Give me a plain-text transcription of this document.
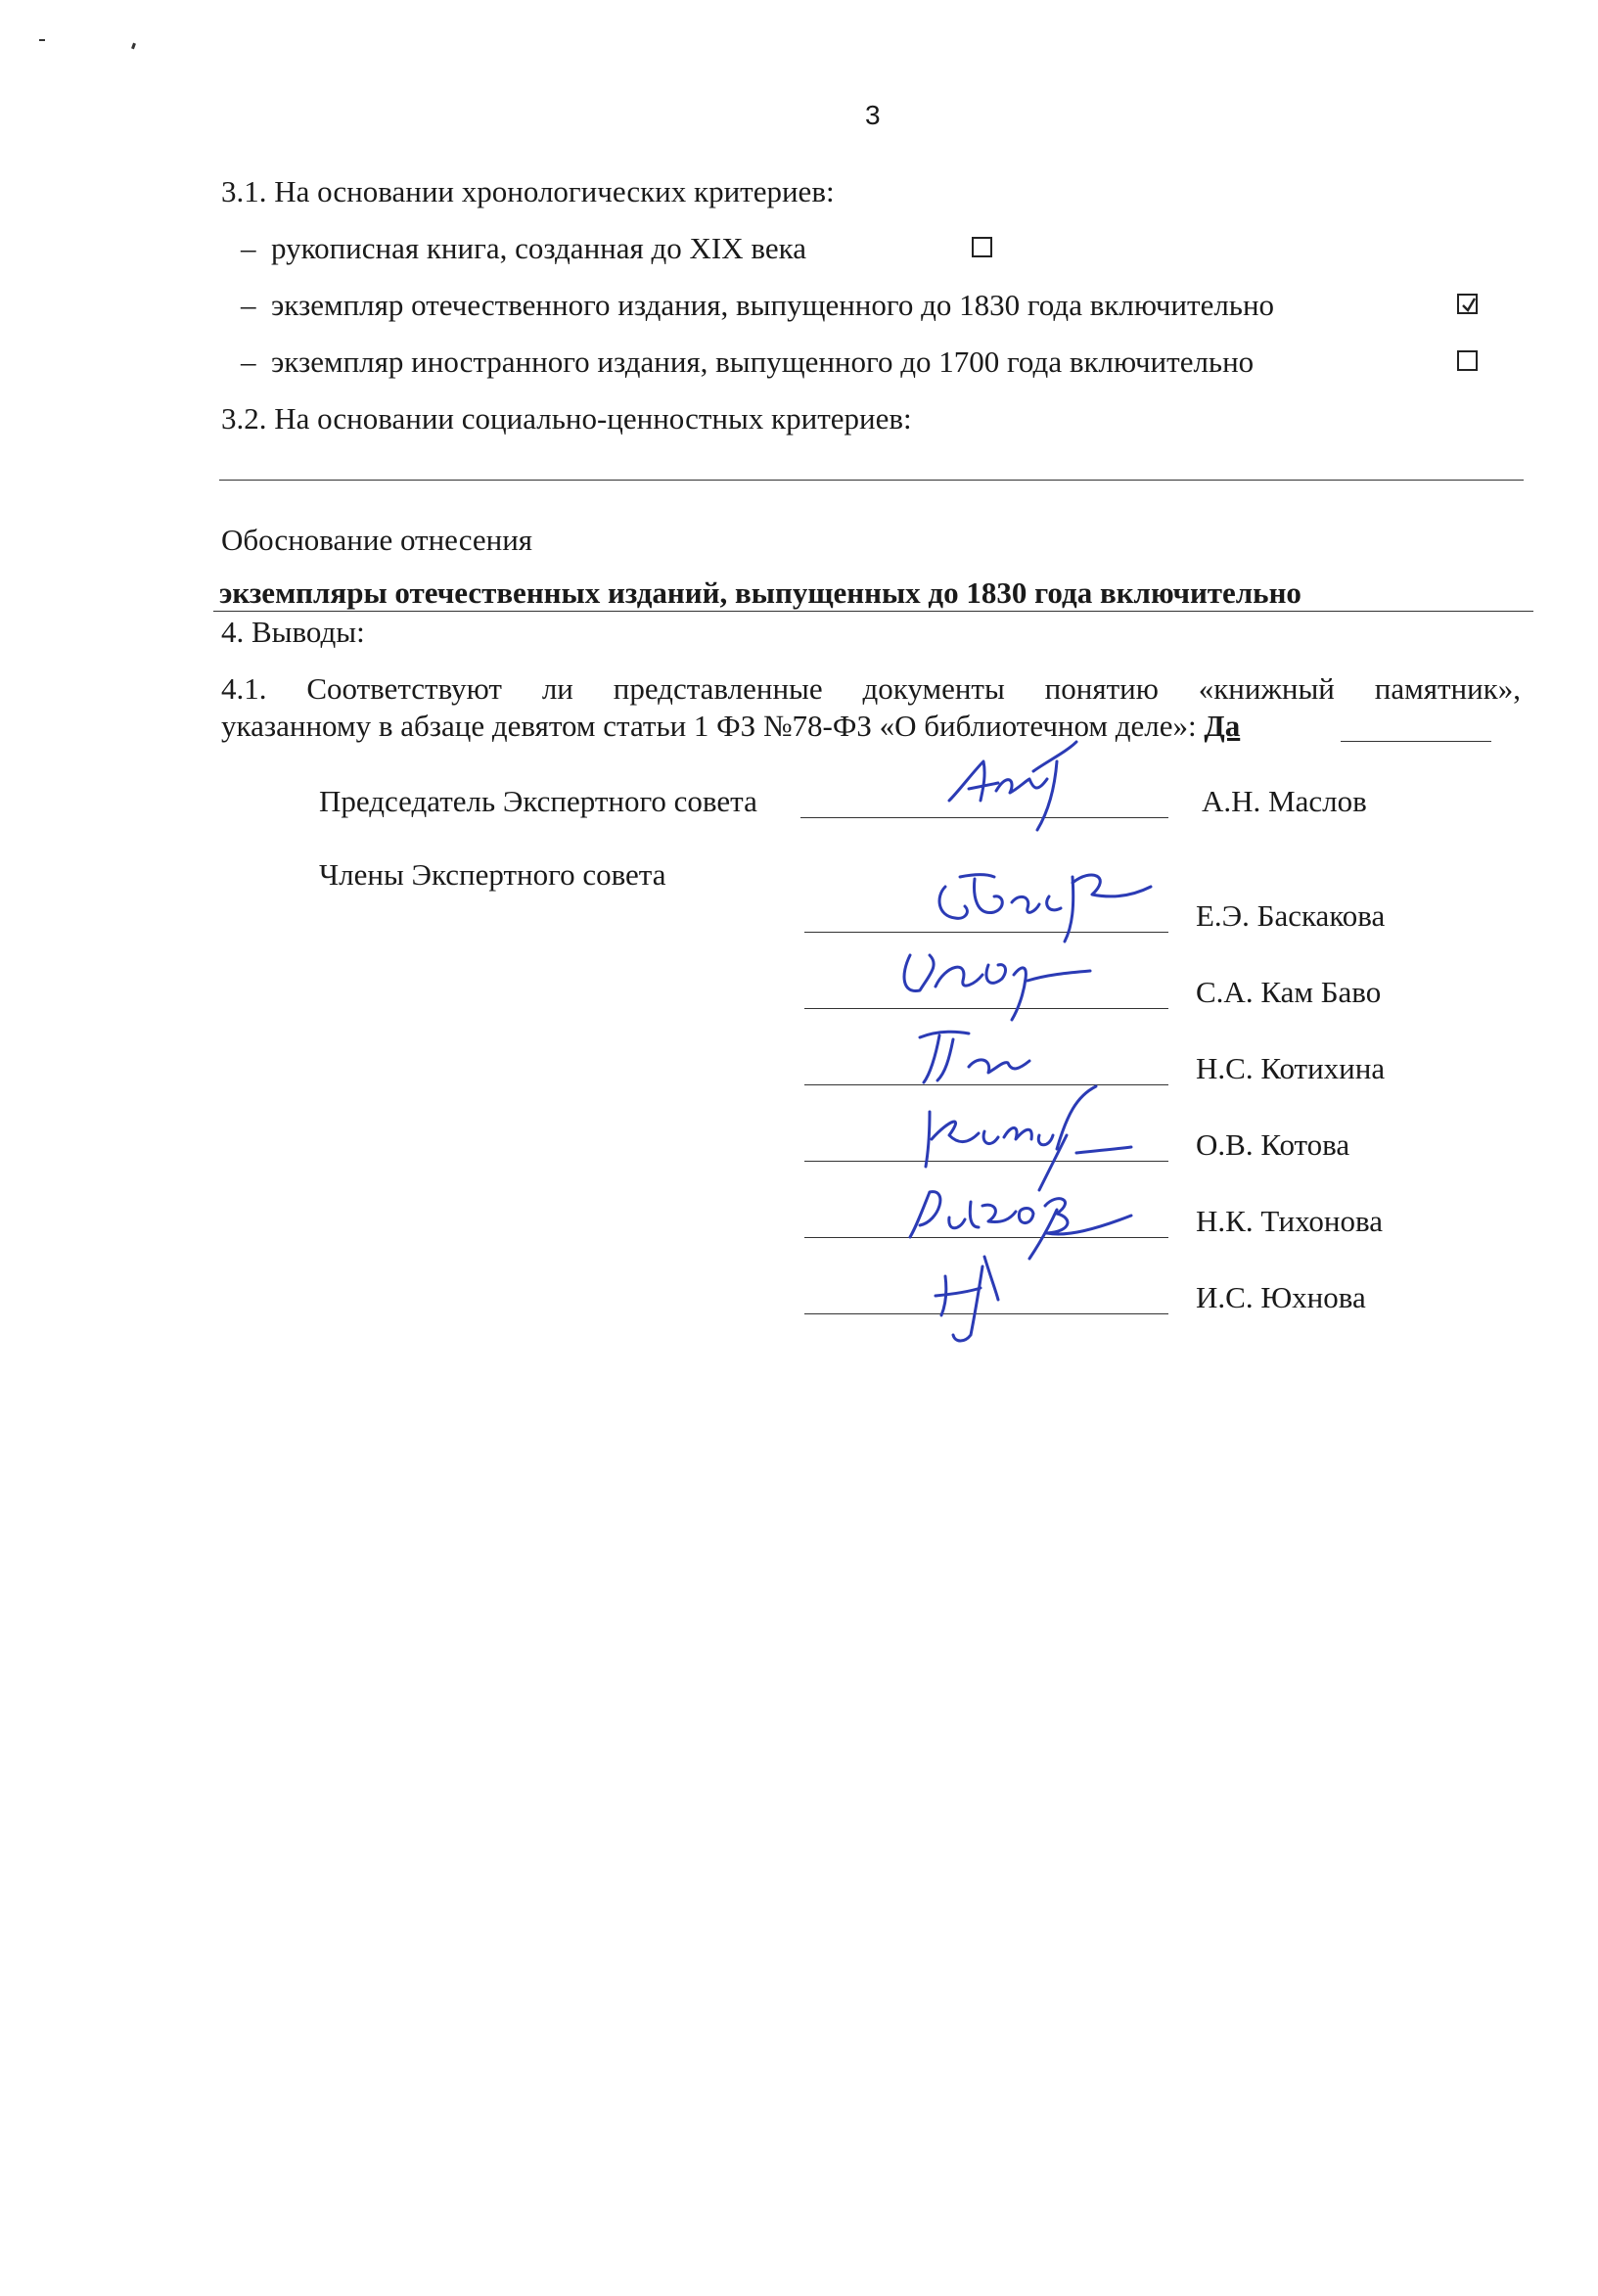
3
3.1. На основании хронологических критериев:
– рукописная книга, созданная до XIX века
– экземпляр отечественного издания, выпущенного до 1830 года включительно
– экземпляр иностранного издания, выпущенного до 1700 года включительно
3.2. На основании социально-ценностных критериев:
Обоснование отнесения
экземпляры отечественных изданий, выпущенных до 1830 года включительно
4. Выводы:
4.1. Соответствуют ли представленные документы понятию «книжный памятник»,
указанному в абзаце девятом статьи 1 ФЗ №78-ФЗ «О библиотечном деле»: Да
Председатель Экспертного совета	А.Н. Маслов
Члены Экспертного совета
Е.Э. Баскакова
С.А. Кам Баво
Н.С. Котихина
О.В. Котова
Н.К. Тихонова
И.С. Юхнова
